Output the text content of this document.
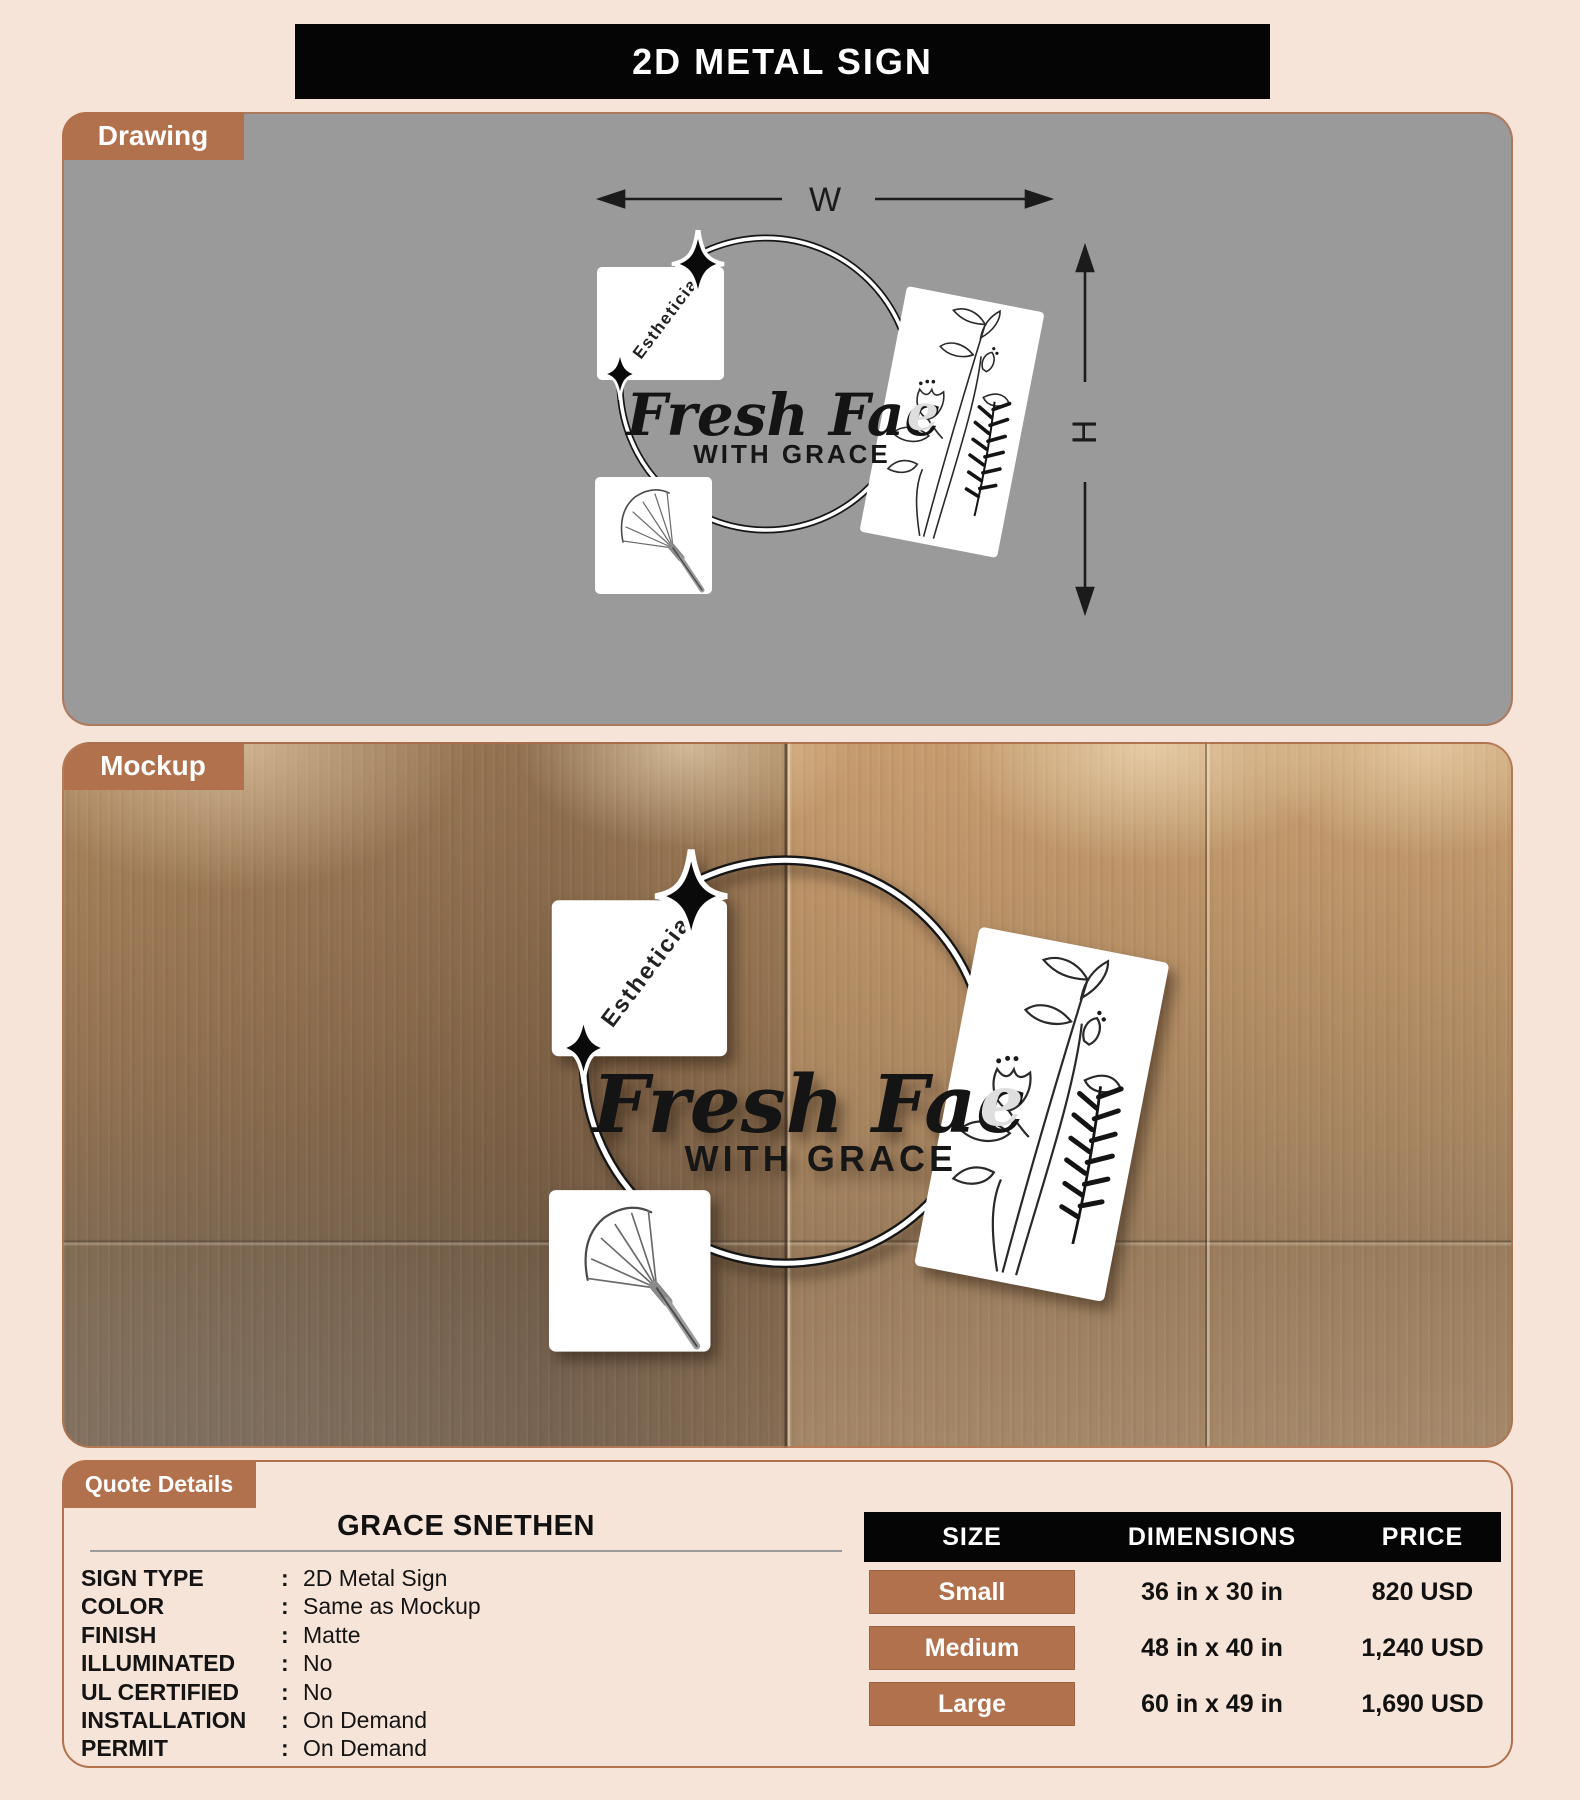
2D METAL SIGN
Drawing
W
H
Mockup
Quote Details
GRACE SNETHEN
SIGN TYPE	: 2D Metal Sign
COLOR	: Same as Mockup
FINISH	: Matte
ILLUMINATED	: No
UL CERTIFIED	: No
INSTALLATION	: On Demand
PERMIT	: On Demand
SIZE	DIMENSIONS	PRICE
Small	36 in x 30 in	820 USD
Medium	48 in x 40 in	1,240 USD
Large	60 in x 49 in	1,690 USD
